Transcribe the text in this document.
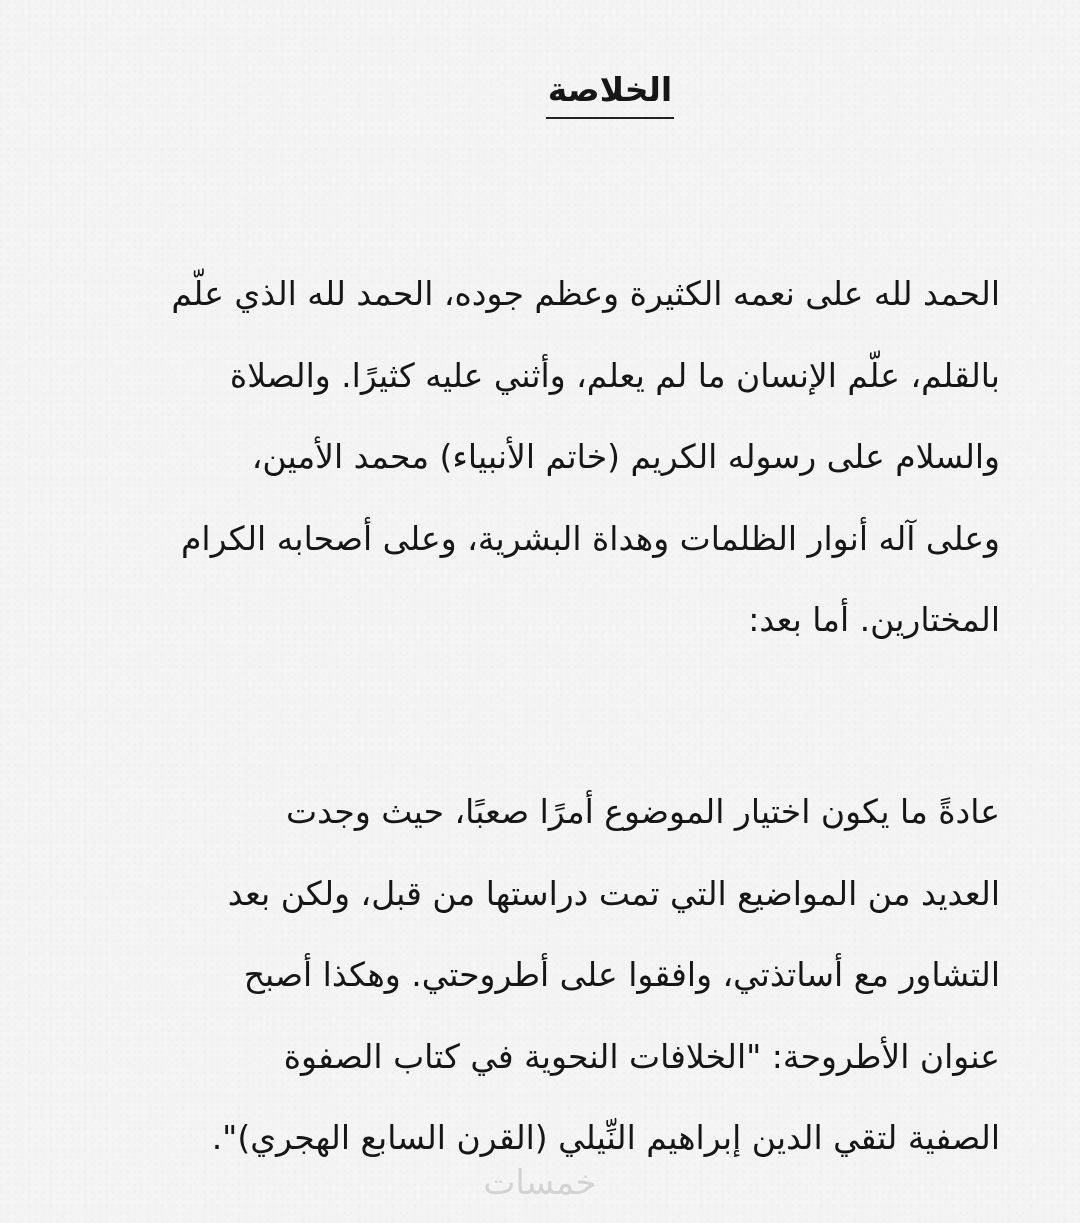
الخلاصة

الحمد لله على نعمه الكثيرة وعظم جوده، الحمد لله الذي علّم
بالقلم، علّم الإنسان ما لم يعلم، وأثني عليه كثيرًا. والصلاة
والسلام على رسوله الكريم (خاتم الأنبياء) محمد الأمين،
وعلى آله أنوار الظلمات وهداة البشرية، وعلى أصحابه الكرام
المختارين. أما بعد:

عادةً ما يكون اختيار الموضوع أمرًا صعبًا، حيث وجدت
العديد من المواضيع التي تمت دراستها من قبل، ولكن بعد
التشاور مع أساتذتي، وافقوا على أطروحتي. وهكذا أصبح
عنوان الأطروحة: "الخلافات النحوية في كتاب الصفوة
الصفية لتقي الدين إبراهيم النِّيلي (القرن السابع الهجري)".

خمسات
